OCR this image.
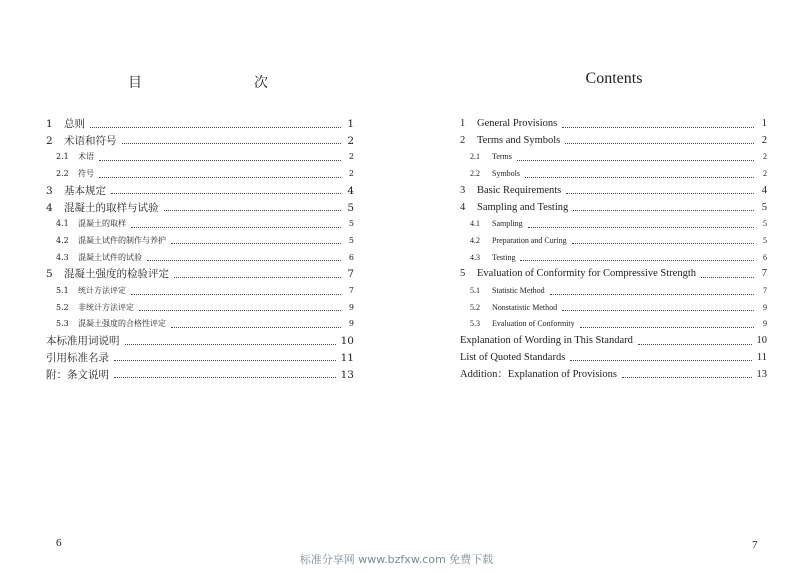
目　　次
1	总则	1
2	术语和符号	2
2.1	术语	2
2.2	符号	2
3	基本规定	4
4	混凝土的取样与试验	5
4.1	混凝土的取样	5
4.2	混凝土试件的制作与养护	5
4.3	混凝土试件的试验	6
5	混凝土强度的检验评定	7
5.1	统计方法评定	7
5.2	非统计方法评定	9
5.3	混凝土强度的合格性评定	9
本标准用词说明	10
引用标准名录	11
附：条文说明	13
6
Contents
1	General Provisions	1
2	Terms and Symbols	2
2.1	Terms	2
2.2	Symbols	2
3	Basic Requirements	4
4	Sampling and Testing	5
4.1	Sampling	5
4.2	Preparation and Curing	5
4.3	Testing	6
5	Evaluation of Conformity for Compressive Strength	7
5.1	Statistic Method	7
5.2	Nonstatistic Method	9
5.3	Evaluation of Conformity	9
Explanation of Wording in This Standard	10
List of Quoted Standards	11
Addition：Explanation of Provisions	13
7
标准分享网 www.bzfxw.com 免费下载
